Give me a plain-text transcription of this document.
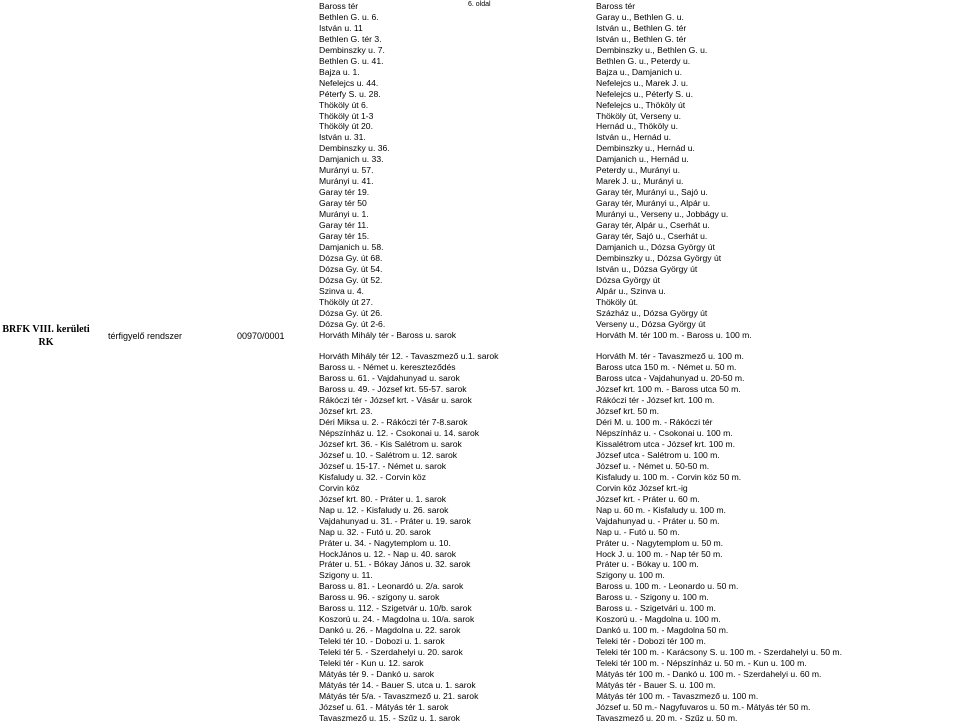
6. oldal
BRFK VIII. kerületi RK
térfigyelő rendszer	00970/0001
Baross tér
Bethlen G. u. 6.
István u. 11
Bethlen G. tér 3.
Dembinszky u. 7.
Bethlen G. u. 41.
Bajza u. 1.
Nefelejcs u. 44.
Péterfy S. u. 28.
Thököly út 6.
Thököly út 1-3
Thököly út 20.
István u. 31.
Dembinszky u. 36.
Damjanich u. 33.
Murányi u. 57.
Murányi u. 41.
Garay tér 19.
Garay tér 50
Murányi u. 1.
Garay tér 11.
Garay tér 15.
Damjanich u. 58.
Dózsa Gy. út 68.
Dózsa Gy. út 54.
Dózsa Gy. út 52.
Szinva u. 4.
Thököly út 27.
Dózsa Gy. út 26.
Dózsa Gy. út 2-6.
Horváth Mihály tér - Baross u. sarok
Horváth Mihály tér 12. - Tavaszmező u.1. sarok
Baross u. - Német u. kereszteződés
Baross u. 61. - Vajdahunyad u. sarok
Baross u. 49. - József krt. 55-57. sarok
Rákóczi tér - József krt. - Vásár u. sarok
József krt. 23.
Déri Miksa u. 2. - Rákóczi tér 7-8.sarok
Népszínház u. 12. - Csokonai u. 14. sarok
József krt. 36. - Kis Salétrom u. sarok
József u. 10. - Salétrom u. 12. sarok
József u. 15-17. - Német u. sarok
Kisfaludy u. 32. - Corvin köz
Corvin köz
József krt. 80. - Práter u. 1. sarok
Nap u. 12. - Kisfaludy u. 26. sarok
Vajdahunyad u. 31. - Práter u. 19. sarok
Nap u. 32. - Futó u. 20. sarok
Práter u. 34. - Nagytemplom u. 10.
HockJános u. 12. - Nap u. 40. sarok
Práter u. 51. - Bókay János u. 32. sarok
Szigony u. 11.
Baross u. 81. - Leonardó u. 2/a. sarok
Baross u. 96. - szigony u. sarok
Baross u. 112. - Szigetvár u. 10/b. sarok
Koszorú u. 24. - Magdolna u. 10/a. sarok
Dankó u. 26. - Magdolna u. 22. sarok
Teleki tér 10. - Dobozi u. 1. sarok
Teleki tér 5. - Szerdahelyi u. 20. sarok
Teleki tér - Kun u. 12. sarok
Mátyás tér 9. - Dankó u. sarok
Mátyás tér 14. - Bauer S. utca u. 1. sarok
Mátyás tér 5/a. - Tavaszmező u. 21. sarok
József u. 61. - Mátyás tér 1. sarok
Tavaszmező u. 15. - Szűz u. 1. sarok
Baross tér
Garay u., Bethlen G. u.
István u., Bethlen G. tér
István u., Bethlen G. tér
Dembinszky u., Bethlen G. u.
Bethlen G. u., Peterdy u.
Bajza u., Damjanich u.
Nefelejcs u., Marek J. u.
Nefelejcs u., Péterfy S. u.
Nefelejcs u., Thököly út
Thököly út, Verseny u.
Hernád u., Thököly u.
István u., Hernád u.
Dembinszky u., Hernád u.
Damjanich u., Hernád u.
Peterdy u., Murányi u.
Marek J. u., Murányi u.
Garay tér, Murányi u., Sajó u.
Garay tér, Murányi u., Alpár u.
Murányi u., Verseny u., Jobbágy u.
Garay tér, Alpár u., Cserhát u.
Garay tér, Sajó u., Cserhát u.
Damjanich u., Dózsa György út
Dembinszky u., Dózsa György út
István u., Dózsa György út
Dózsa György út
Alpár u., Szinva u.
Thököly út.
Százház u., Dózsa György út
Verseny u., Dózsa György út
Horváth M. tér 100 m. - Baross u. 100 m.
Horváth M. tér - Tavaszmező u. 100 m.
Baross utca 150 m. - Német u. 50 m.
Baross utca - Vajdahunyad u. 20-50 m.
József krt. 100 m. - Baross utca 50 m.
Rákóczi tér - József krt. 100 m.
József krt. 50 m.
Déri M. u. 100 m. - Rákóczi tér
Népszínház u. - Csokonai u. 100 m.
Kissalétrom utca - József krt. 100 m.
József utca - Salétrom u. 100 m.
József u. - Német u. 50-50 m.
Kisfaludy u. 100 m. - Corvin köz 50 m.
Corvin köz József krt.-ig
József krt. - Práter u. 60 m.
Nap u. 60 m. - Kisfaludy u. 100 m.
Vajdahunyad u. - Práter u. 50 m.
Nap u. - Futó u. 50 m.
Práter u. - Nagytemplom u. 50 m.
Hock J. u. 100 m. - Nap tér 50 m.
Práter u. - Bókay u. 100 m.
Szigony u. 100 m.
Baross u. 100 m. - Leonardo u. 50 m.
Baross u. - Szigony u. 100 m.
Baross u. - Szigetvári u. 100 m.
Koszorú u. - Magdolna u. 100 m.
Dankó u. 100 m. - Magdolna 50 m.
Teleki tér - Dobozi tér 100 m.
Teleki tér 100 m. - Karácsony S. u. 100 m. - Szerdahelyi u. 50 m.
Teleki tér 100 m. - Népszínház u. 50 m. - Kun u. 100 m.
Mátyás tér 100 m. - Dankó u. 100 m. - Szerdahelyi u. 60 m.
Mátyás tér - Bauer S. u. 100 m.
Mátyás tér 100 m. - Tavaszmező u. 100 m.
József u. 50 m.- Nagyfuvaros u. 50 m.- Mátyás tér 50 m.
Tavaszmező u. 20 m. - Szűz u. 50 m.
